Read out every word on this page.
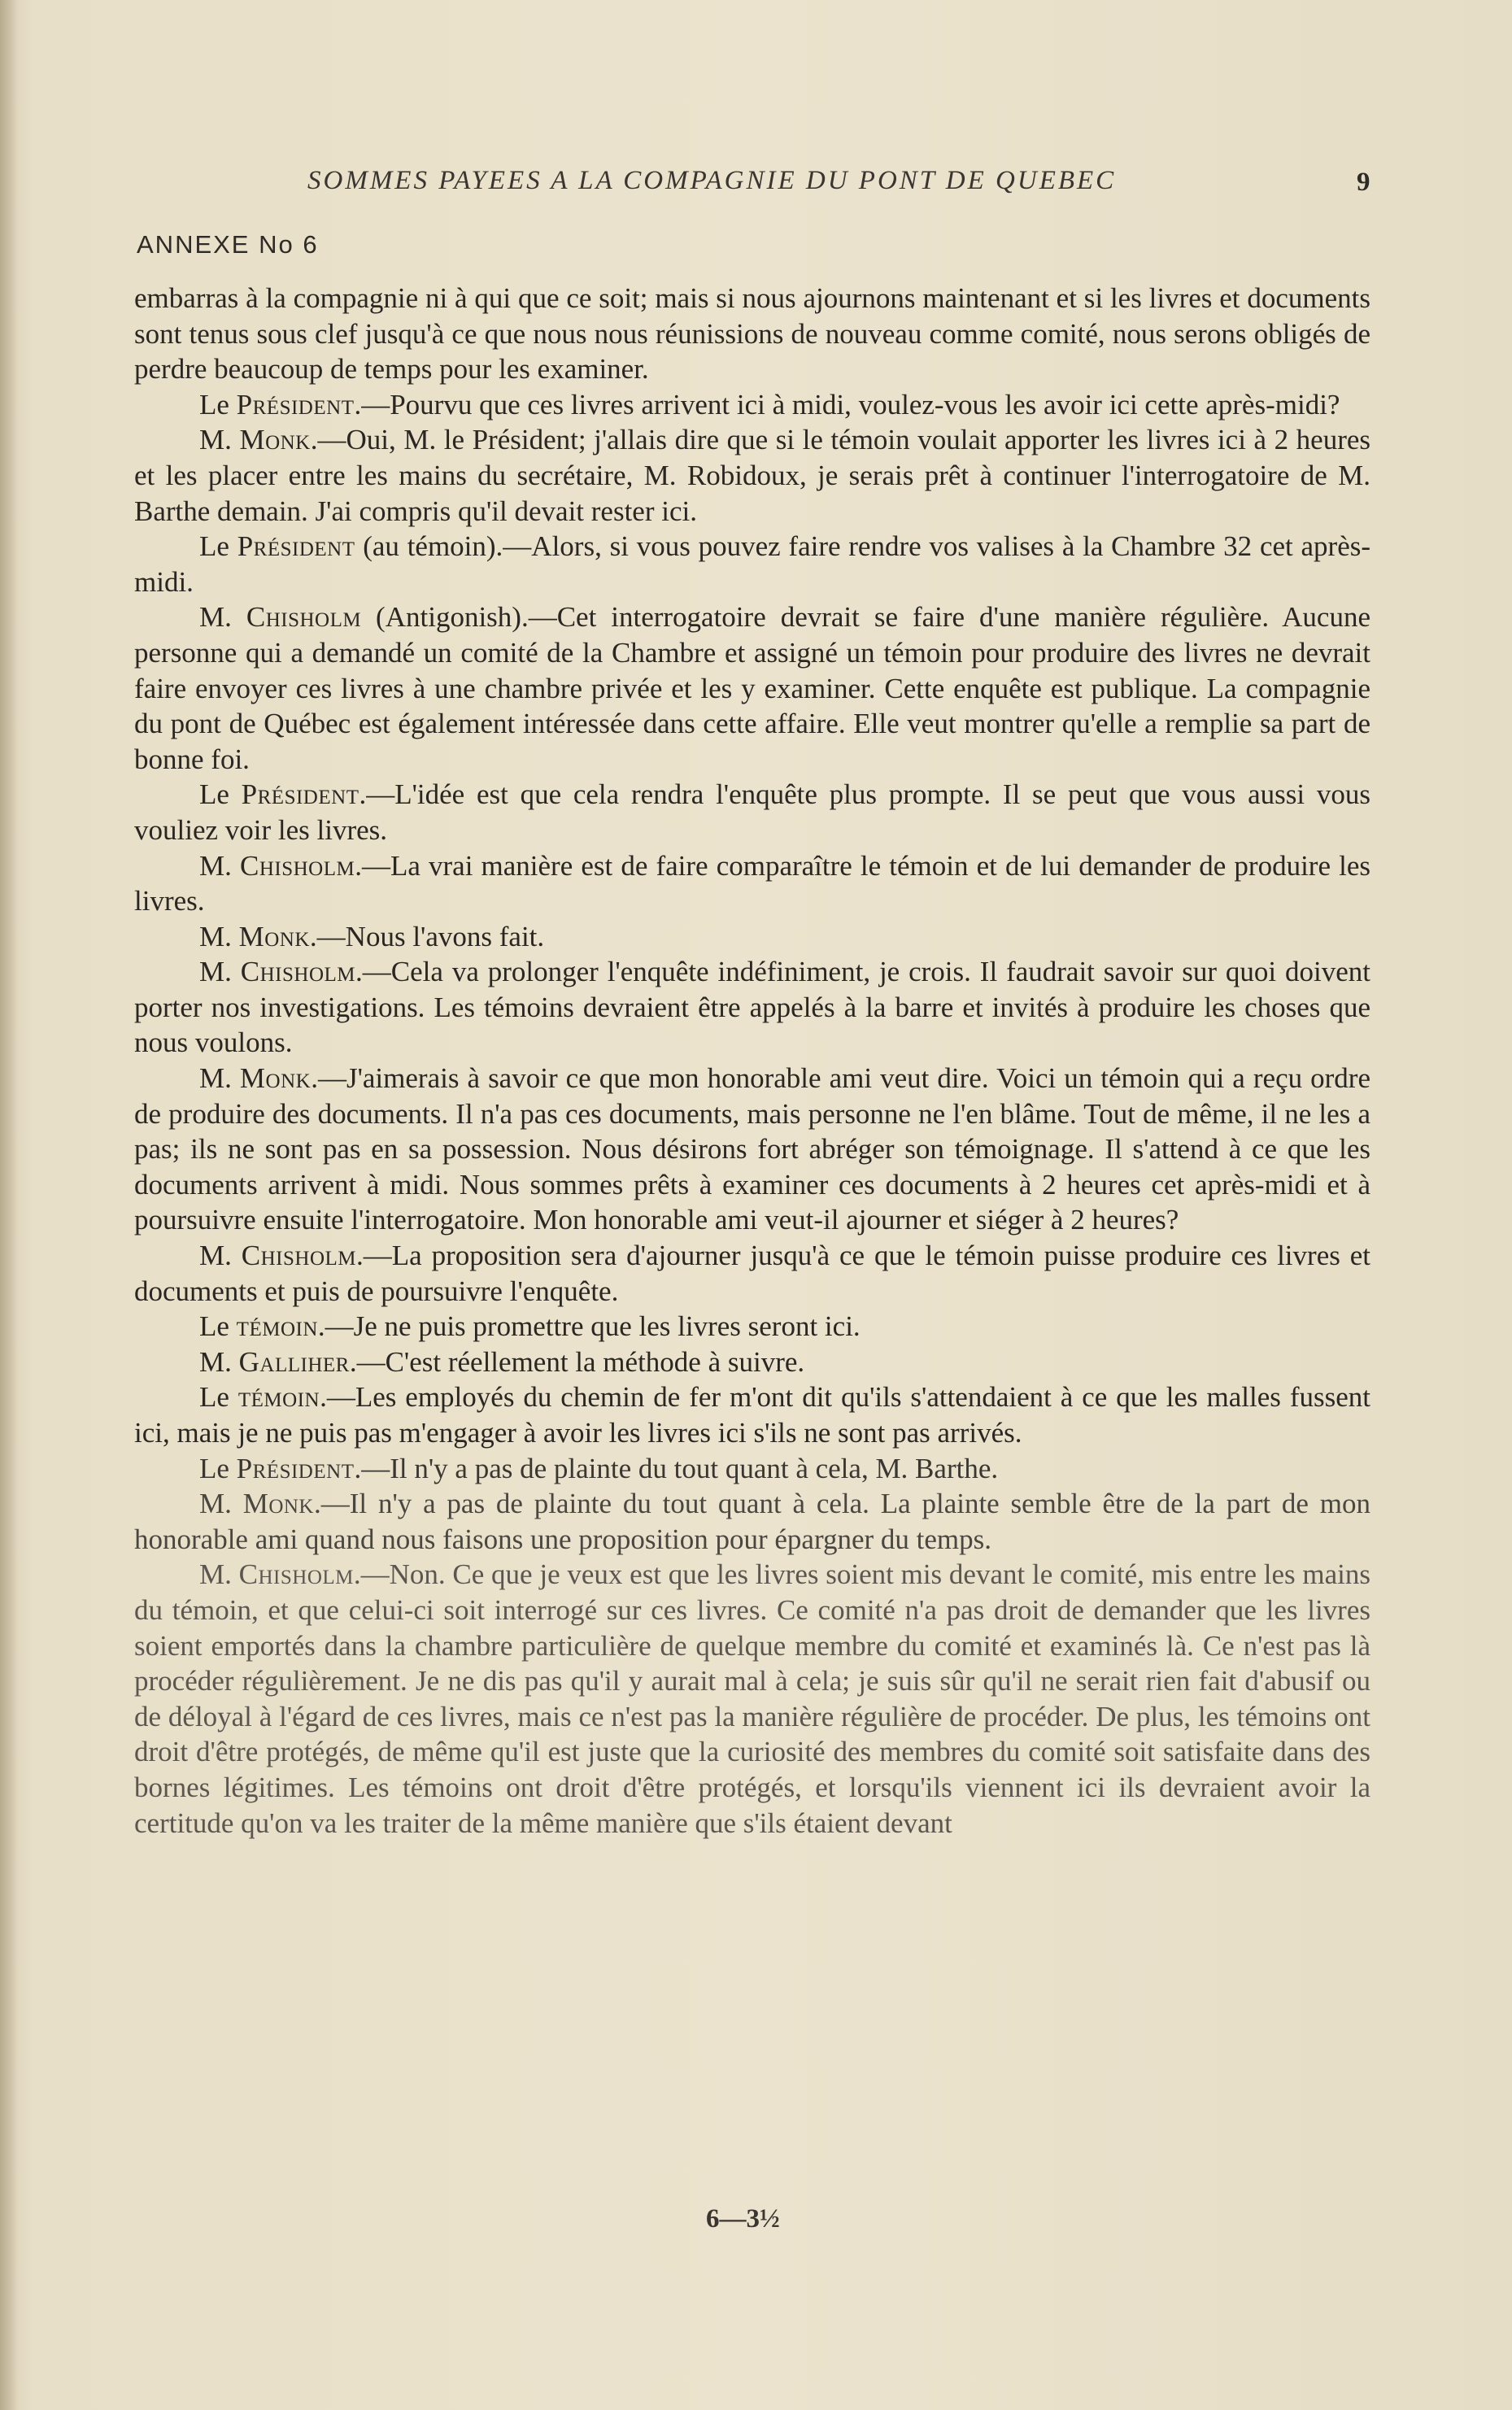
SOMMES PAYEES A LA COMPAGNIE DU PONT DE QUEBEC	9
ANNEXE No 6

embarras à la compagnie ni à qui que ce soit; mais si nous ajournons maintenant et si les livres et documents sont tenus sous clef jusqu'à ce que nous nous réunissions de nouveau comme comité, nous serons obligés de perdre beaucoup de temps pour les examiner.

Le Président.—Pourvu que ces livres arrivent ici à midi, voulez-vous les avoir ici cette après-midi?

M. Monk.—Oui, M. le Président; j'allais dire que si le témoin voulait apporter les livres ici à 2 heures et les placer entre les mains du secrétaire, M. Robidoux, je serais prêt à continuer l'interrogatoire de M. Barthe demain. J'ai compris qu'il devait rester ici.

Le Président (au témoin).—Alors, si vous pouvez faire rendre vos valises à la Chambre 32 cet après-midi.

M. Chisholm (Antigonish).—Cet interrogatoire devrait se faire d'une manière régulière. Aucune personne qui a demandé un comité de la Chambre et assigné un témoin pour produire des livres ne devrait faire envoyer ces livres à une chambre privée et les y examiner. Cette enquête est publique. La compagnie du pont de Québec est également intéressée dans cette affaire. Elle veut montrer qu'elle a remplie sa part de bonne foi.

Le Président.—L'idée est que cela rendra l'enquête plus prompte. Il se peut que vous aussi vous vouliez voir les livres.

M. Chisholm.—La vrai manière est de faire comparaître le témoin et de lui demander de produire les livres.

M. Monk.—Nous l'avons fait.

M. Chisholm.—Cela va prolonger l'enquête indéfiniment, je crois. Il faudrait savoir sur quoi doivent porter nos investigations. Les témoins devraient être appelés à la barre et invités à produire les choses que nous voulons.

M. Monk.—J'aimerais à savoir ce que mon honorable ami veut dire. Voici un témoin qui a reçu ordre de produire des documents. Il n'a pas ces documents, mais personne ne l'en blâme. Tout de même, il ne les a pas; ils ne sont pas en sa possession. Nous désirons fort abréger son témoignage. Il s'attend à ce que les documents arrivent à midi. Nous sommes prêts à examiner ces documents à 2 heures cet après-midi et à poursuivre ensuite l'interrogatoire. Mon honorable ami veut-il ajourner et siéger à 2 heures?

M. Chisholm.—La proposition sera d'ajourner jusqu'à ce que le témoin puisse produire ces livres et documents et puis de poursuivre l'enquête.

Le témoin.—Je ne puis promettre que les livres seront ici.

M. Galliher.—C'est réellement la méthode à suivre.

Le témoin.—Les employés du chemin de fer m'ont dit qu'ils s'attendaient à ce que les malles fussent ici, mais je ne puis pas m'engager à avoir les livres ici s'ils ne sont pas arrivés.

Le Président.—Il n'y a pas de plainte du tout quant à cela, M. Barthe.

M. Monk.—Il n'y a pas de plainte du tout quant à cela. La plainte semble être de la part de mon honorable ami quand nous faisons une proposition pour épargner du temps.

M. Chisholm.—Non. Ce que je veux est que les livres soient mis devant le comité, mis entre les mains du témoin, et que celui-ci soit interrogé sur ces livres. Ce comité n'a pas droit de demander que les livres soient emportés dans la chambre particulière de quelque membre du comité et examinés là. Ce n'est pas là procéder régulièrement. Je ne dis pas qu'il y aurait mal à cela; je suis sûr qu'il ne serait rien fait d'abusif ou de déloyal à l'égard de ces livres, mais ce n'est pas la manière régulière de procéder. De plus, les témoins ont droit d'être protégés, de même qu'il est juste que la curiosité des membres du comité soit satisfaite dans des bornes légitimes. Les témoins ont droit d'être protégés, et lorsqu'ils viennent ici ils devraient avoir la certitude qu'on va les traiter de la même manière que s'ils étaient devant

6—3½
